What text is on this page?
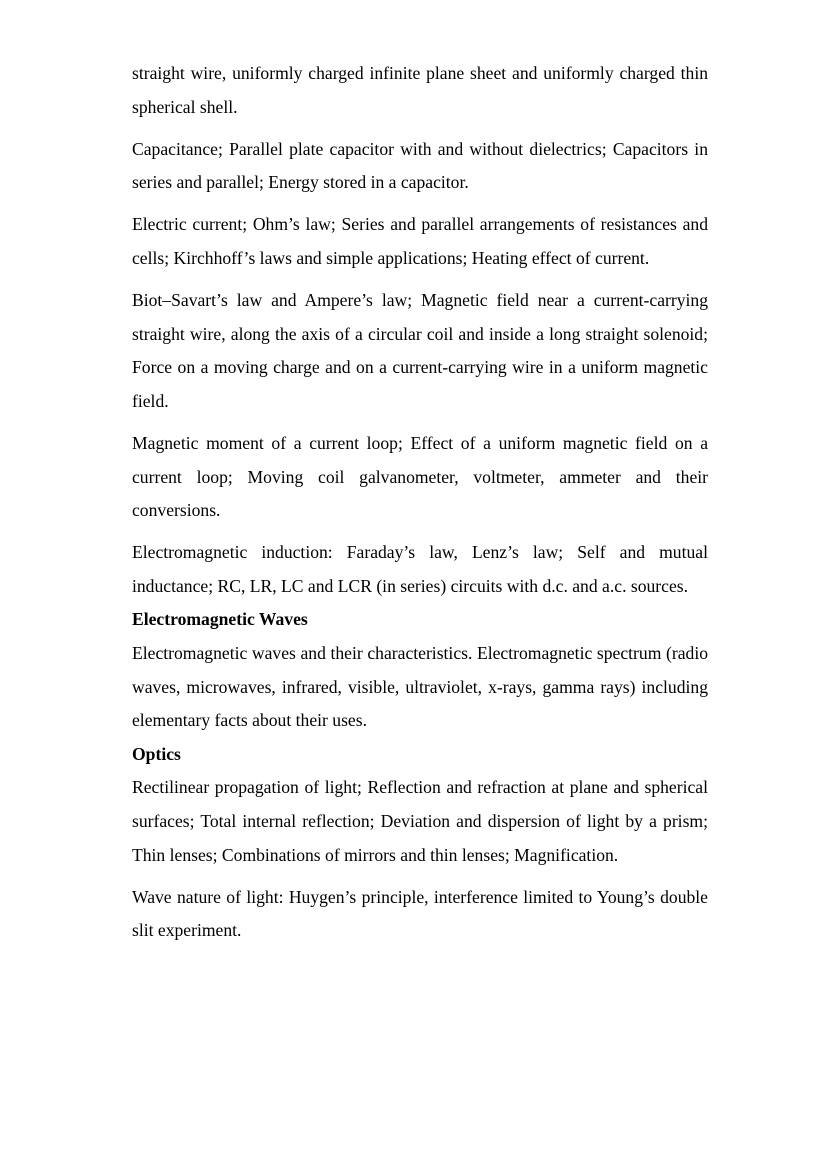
straight wire, uniformly charged infinite plane sheet and uniformly charged thin spherical shell.

Capacitance; Parallel plate capacitor with and without dielectrics; Capacitors in series and parallel; Energy stored in a capacitor.

Electric current; Ohm’s law; Series and parallel arrangements of resistances and cells; Kirchhoff’s laws and simple applications; Heating effect of current.

Biot–Savart’s law and Ampere’s law; Magnetic field near a current-carrying straight wire, along the axis of a circular coil and inside a long straight solenoid; Force on a moving charge and on a current-carrying wire in a uniform magnetic field.

Magnetic moment of a current loop; Effect of a uniform magnetic field on a current loop; Moving coil galvanometer, voltmeter, ammeter and their conversions.

Electromagnetic induction: Faraday’s law, Lenz’s law; Self and mutual inductance; RC, LR, LC and LCR (in series) circuits with d.c. and a.c. sources.

Electromagnetic Waves

Electromagnetic waves and their characteristics. Electromagnetic spectrum (radio waves, microwaves, infrared, visible, ultraviolet, x-rays, gamma rays) including elementary facts about their uses.

Optics

Rectilinear propagation of light; Reflection and refraction at plane and spherical surfaces; Total internal reflection; Deviation and dispersion of light by a prism; Thin lenses; Combinations of mirrors and thin lenses; Magnification.

Wave nature of light: Huygen’s principle, interference limited to Young’s double slit experiment.
